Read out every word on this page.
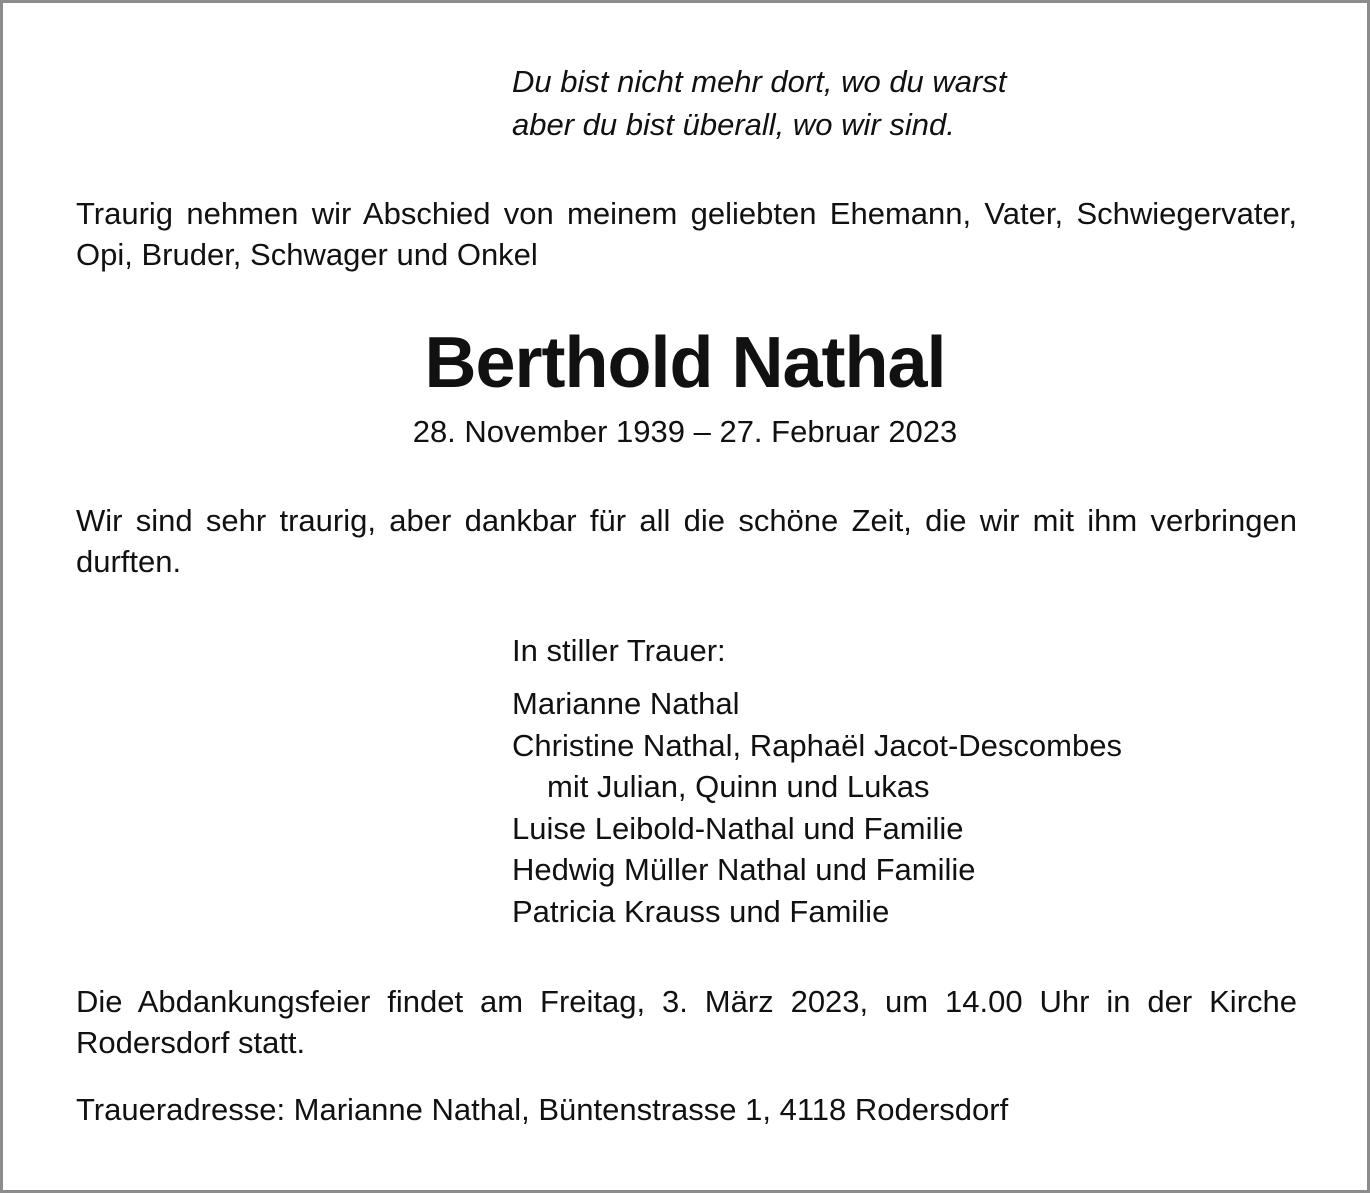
Du bist nicht mehr dort, wo du warst
aber du bist überall, wo wir sind.
Traurig nehmen wir Abschied von meinem geliebten Ehemann, Vater, Schwiegervater, Opi, Bruder, Schwager und Onkel
Berthold Nathal
28. November 1939 – 27. Februar 2023
Wir sind sehr traurig, aber dankbar für all die schöne Zeit, die wir mit ihm verbringen durften.
In stiller Trauer:
Marianne Nathal
Christine Nathal, Raphaël Jacot-Descombes
mit Julian, Quinn und Lukas
Luise Leibold-Nathal und Familie
Hedwig Müller Nathal und Familie
Patricia Krauss und Familie
Die Abdankungsfeier findet am Freitag, 3. März 2023, um 14.00 Uhr in der Kirche Rodersdorf statt.
Traueradresse: Marianne Nathal, Büntenstrasse 1, 4118 Rodersdorf
